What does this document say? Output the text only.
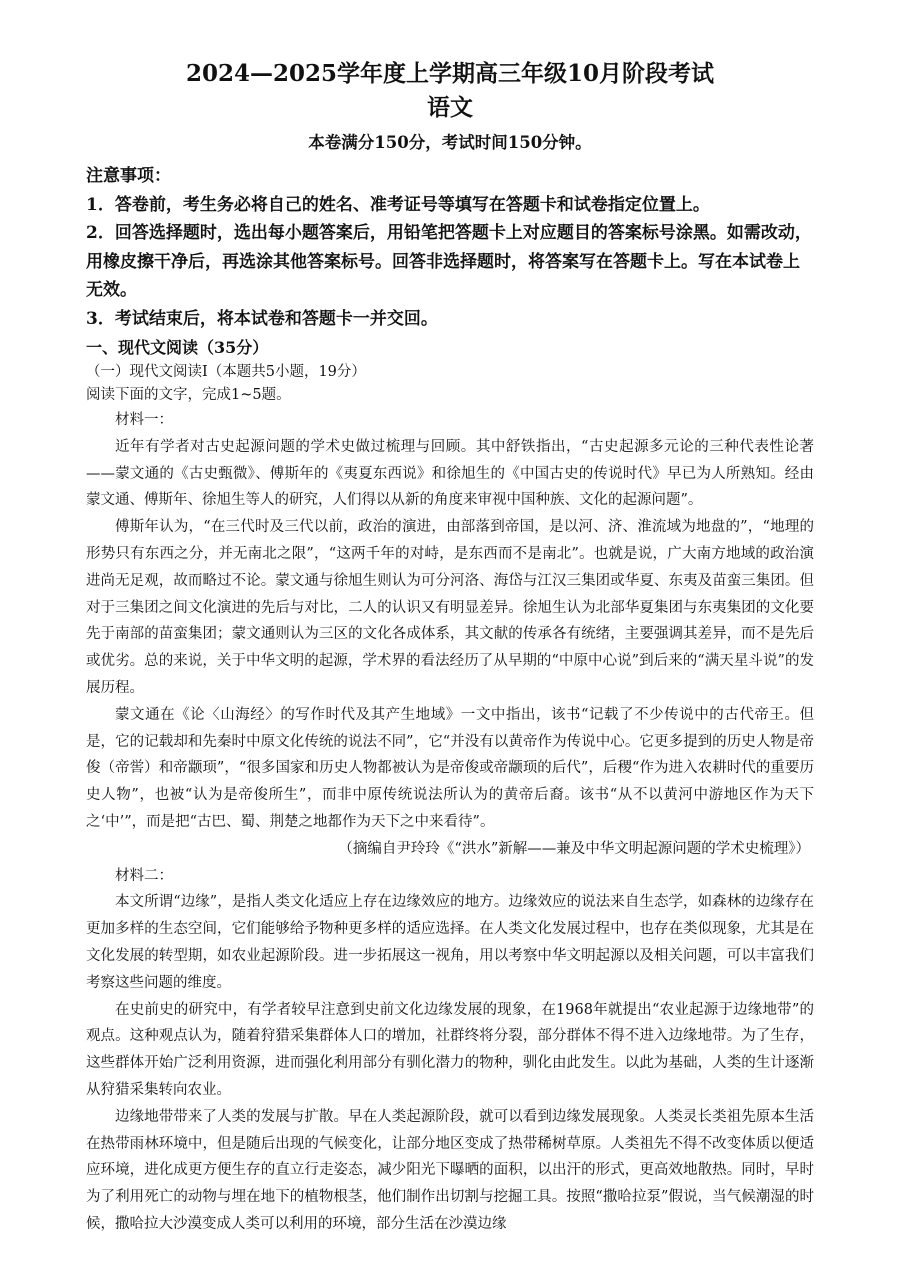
2024—2025学年度上学期高三年级10月阶段考试

语文

本卷满分150分，考试时间150分钟。

注意事项：

1．答卷前，考生务必将自己的姓名、准考证号等填写在答题卡和试卷指定位置上。

2．回答选择题时，选出每小题答案后，用铅笔把答题卡上对应题目的答案标号涂黑。如需改动，用橡皮擦干净后，再选涂其他答案标号。回答非选择题时，将答案写在答题卡上。写在本试卷上无效。

3．考试结束后，将本试卷和答题卡一并交回。

一、现代文阅读（35分）

（一）现代文阅读Ⅰ（本题共5小题，19分）

阅读下面的文字，完成1~5题。

材料一：

近年有学者对古史起源问题的学术史做过梳理与回顾。其中舒铁指出，“古史起源多元论的三种代表性论著——蒙文通的《古史甄微》、傅斯年的《夷夏东西说》和徐旭生的《中国古史的传说时代》早已为人所熟知。经由蒙文通、傅斯年、徐旭生等人的研究，人们得以从新的角度来审视中国种族、文化的起源问题”。

傅斯年认为，“在三代时及三代以前，政治的演进，由部落到帝国，是以河、济、淮流域为地盘的”，“地理的形势只有东西之分，并无南北之限”，“这两千年的对峙，是东西而不是南北”。也就是说，广大南方地域的政治演进尚无足观，故而略过不论。蒙文通与徐旭生则认为可分河洛、海岱与江汉三集团或华夏、东夷及苗蛮三集团。但对于三集团之间文化演进的先后与对比，二人的认识又有明显差异。徐旭生认为北部华夏集团与东夷集团的文化要先于南部的苗蛮集团；蒙文通则认为三区的文化各成体系，其文献的传承各有统绪，主要强调其差异，而不是先后或优劣。总的来说，关于中华文明的起源，学术界的看法经历了从早期的“中原中心说”到后来的“满天星斗说”的发展历程。

蒙文通在《论〈山海经〉的写作时代及其产生地域》一文中指出，该书“记载了不少传说中的古代帝王。但是，它的记载却和先秦时中原文化传统的说法不同”，它“并没有以黄帝作为传说中心。它更多提到的历史人物是帝俊（帝喾）和帝颛顼”，“很多国家和历史人物都被认为是帝俊或帝颛顼的后代”，后稷“作为进入农耕时代的重要历史人物”，也被“认为是帝俊所生”，而非中原传统说法所认为的黄帝后裔。该书“从不以黄河中游地区作为天下之‘中’”，而是把“古巴、蜀、荆楚之地都作为天下之中来看待”。

（摘编自尹玲玲《“洪水”新解——兼及中华文明起源问题的学术史梳理》）

材料二：

本文所谓“边缘”，是指人类文化适应上存在边缘效应的地方。边缘效应的说法来自生态学，如森林的边缘存在更加多样的生态空间，它们能够给予物种更多样的适应选择。在人类文化发展过程中，也存在类似现象，尤其是在文化发展的转型期，如农业起源阶段。进一步拓展这一视角，用以考察中华文明起源以及相关问题，可以丰富我们考察这些问题的维度。

在史前史的研究中，有学者较早注意到史前文化边缘发展的现象，在1968年就提出“农业起源于边缘地带”的观点。这种观点认为，随着狩猎采集群体人口的增加，社群终将分裂，部分群体不得不进入边缘地带。为了生存，这些群体开始广泛利用资源，进而强化利用部分有驯化潜力的物种，驯化由此发生。以此为基础，人类的生计逐渐从狩猎采集转向农业。

边缘地带带来了人类的发展与扩散。早在人类起源阶段，就可以看到边缘发展现象。人类灵长类祖先原本生活在热带雨林环境中，但是随后出现的气候变化，让部分地区变成了热带稀树草原。人类祖先不得不改变体质以便适应环境，进化成更方便生存的直立行走姿态，减少阳光下曝晒的面积，以出汗的形式，更高效地散热。同时，早时为了利用死亡的动物与埋在地下的植物根茎，他们制作出切割与挖掘工具。按照“撒哈拉泵”假说，当气候潮湿的时候，撒哈拉大沙漠变成人类可以利用的环境，部分生活在沙漠边缘
